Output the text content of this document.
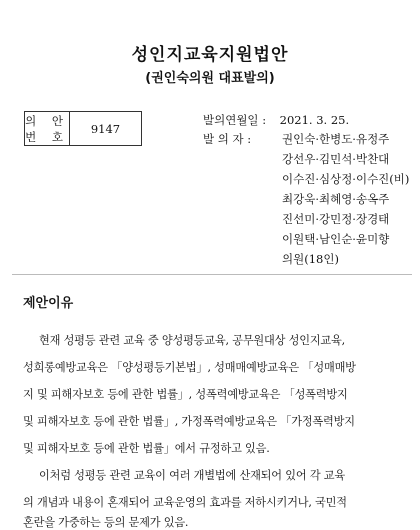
성인지교육지원법안
(권인숙의원 대표발의)
의 안
번 호
	9147
발의연월일 : 2021. 3. 25.
발 의 자 :	권인숙·한병도·유정주
강선우·김민석·박찬대
이수진·심상정·이수진(비)
최강욱·최혜영·송옥주
진선미·강민정·장경태
이원택·남인순·윤미향
의원(18인)
제안이유
현재 성평등 관련 교육 중 양성평등교육, 공무원대상 성인지교육,
성희롱예방교육은 「양성평등기본법」, 성매매예방교육은 「성매매방
지 및 피해자보호 등에 관한 법률」, 성폭력예방교육은 「성폭력방지
및 피해자보호 등에 관한 법률」, 가정폭력예방교육은 「가정폭력방지
및 피해자보호 등에 관한 법률」에서 규정하고 있음.
이처럼 성평등 관련 교육이 여러 개별법에 산재되어 있어 각 교육
의 개념과 내용이 혼재되어 교육운영의 효과를 저하시키거나, 국민적
혼란을 가중하는 등의 문제가 있음.
